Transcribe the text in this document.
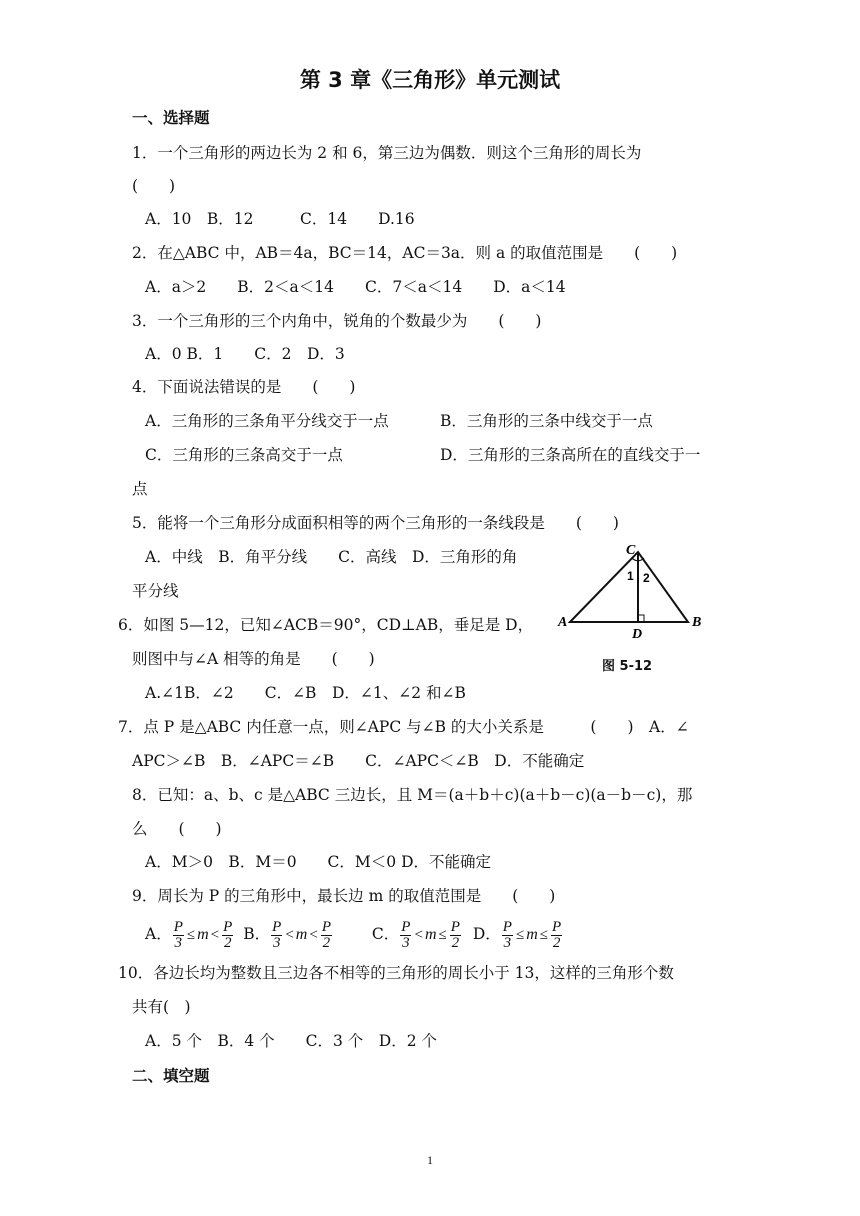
第 3 章《三角形》单元测试
一、选择题
1．一个三角形的两边长为 2 和 6，第三边为偶数．则这个三角形的周长为
(　　)
A．10　B．12　　　C．14　　D.16
2．在△ABC 中，AB＝4a，BC＝14，AC＝3a．则 a 的取值范围是　　(　　)
A．a＞2　　B．2＜a＜14　　C．7＜a＜14　　D．a＜14
3．一个三角形的三个内角中，锐角的个数最少为　　(　　)
A．0 B．1　　C．2　D．3
4．下面说法错误的是　　(　　)
A．三角形的三条角平分线交于一点	B．三角形的三条中线交于一点
C．三角形的三条高交于一点	D．三角形的三条高所在的直线交于一
点
5．能将一个三角形分成面积相等的两个三角形的一条线段是　　(　　)
A．中线　B．角平分线　　C．高线　D．三角形的角
平分线
C
A	B
D
1 2
图 5-12
6．如图 5—12，已知∠ACB＝90°，CD⊥AB，垂足是 D，
则图中与∠A 相等的角是　　(　　)
A.∠1B．∠2　　C．∠B　D．∠1、∠2 和∠B
7．点 P 是△ABC 内任意一点，则∠APC 与∠B 的大小关系是　　　(　　)　A．∠
APC＞∠B　B．∠APC＝∠B　　C．∠APC＜∠B　D．不能确定
8．已知：a、b、c 是△ABC 三边长，且 M＝(a＋b＋c)(a＋b－c)(a－b－c)，那
么　　(　　)
A．M＞0　B．M＝0　　C．M＜0 D．不能确定
9．周长为 P 的三角形中，最长边 m 的取值范围是　　(　　)
A． $\frac{P}{3} \le m < \frac{P}{2}$ B． $\frac{P}{3} < m < \frac{P}{2}$	C． $\frac{P}{3} < m \le \frac{P}{2}$ D． $\frac{P}{3} \le m \le \frac{P}{2}$
10．各边长均为整数且三边各不相等的三角形的周长小于 13，这样的三角形个数
共有(　)
A．5 个　B．4 个　　C．3 个　D．2 个
二、填空题
1
